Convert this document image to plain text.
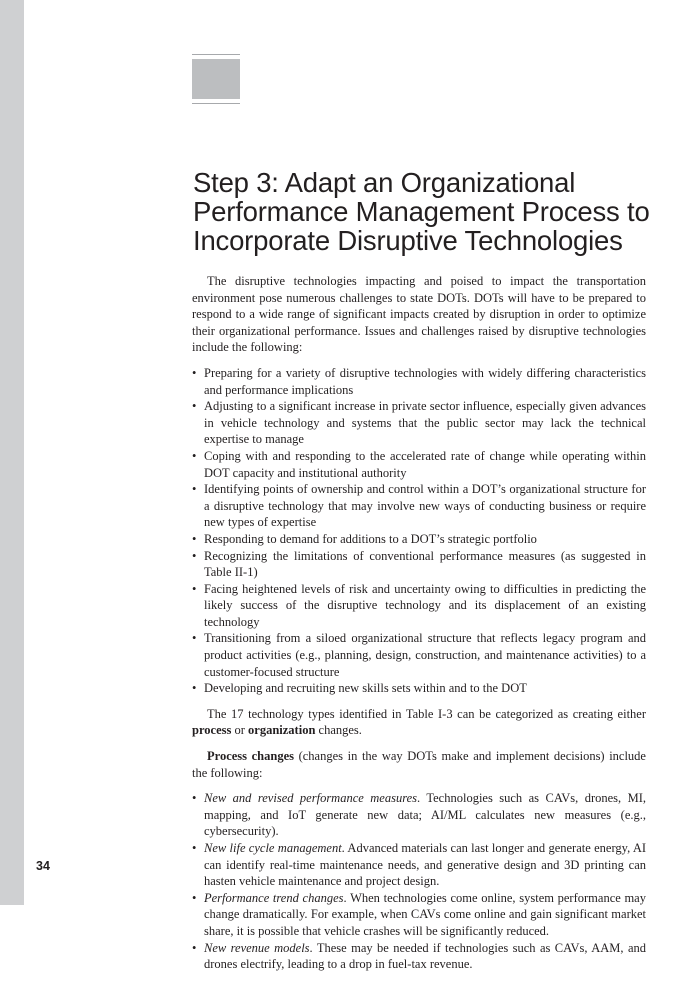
Step 3: Adapt an Organizational
Performance Management Process to
Incorporate Disruptive Technologies

The disruptive technologies impacting and poised to impact the transportation environment pose numerous challenges to state DOTs. DOTs will have to be prepared to respond to a wide range of significant impacts created by disruption in order to optimize their organizational performance. Issues and challenges raised by disruptive technologies include the following:

• Preparing for a variety of disruptive technologies with widely differing characteristics and performance implications
• Adjusting to a significant increase in private sector influence, especially given advances in vehicle technology and systems that the public sector may lack the technical expertise to manage
• Coping with and responding to the accelerated rate of change while operating within DOT capacity and institutional authority
• Identifying points of ownership and control within a DOT’s organizational structure for a disruptive technology that may involve new ways of conducting business or require new types of expertise
• Responding to demand for additions to a DOT’s strategic portfolio
• Recognizing the limitations of conventional performance measures (as suggested in Table II-1)
• Facing heightened levels of risk and uncertainty owing to difficulties in predicting the likely success of the disruptive technology and its displacement of an existing technology
• Transitioning from a siloed organizational structure that reflects legacy program and product activities (e.g., planning, design, construction, and maintenance activities) to a customer-focused structure
• Developing and recruiting new skills sets within and to the DOT

The 17 technology types identified in Table I-3 can be categorized as creating either process or organization changes.

Process changes (changes in the way DOTs make and implement decisions) include the following:

• New and revised performance measures. Technologies such as CAVs, drones, MI, mapping, and IoT generate new data; AI/ML calculates new measures (e.g., cybersecurity).
• New life cycle management. Advanced materials can last longer and generate energy, AI can identify real-time maintenance needs, and generative design and 3D printing can hasten vehicle maintenance and project design.
• Performance trend changes. When technologies come online, system performance may change dramatically. For example, when CAVs come online and gain significant market share, it is possible that vehicle crashes will be significantly reduced.
• New revenue models. These may be needed if technologies such as CAVs, AAM, and drones electrify, leading to a drop in fuel-tax revenue.
34
